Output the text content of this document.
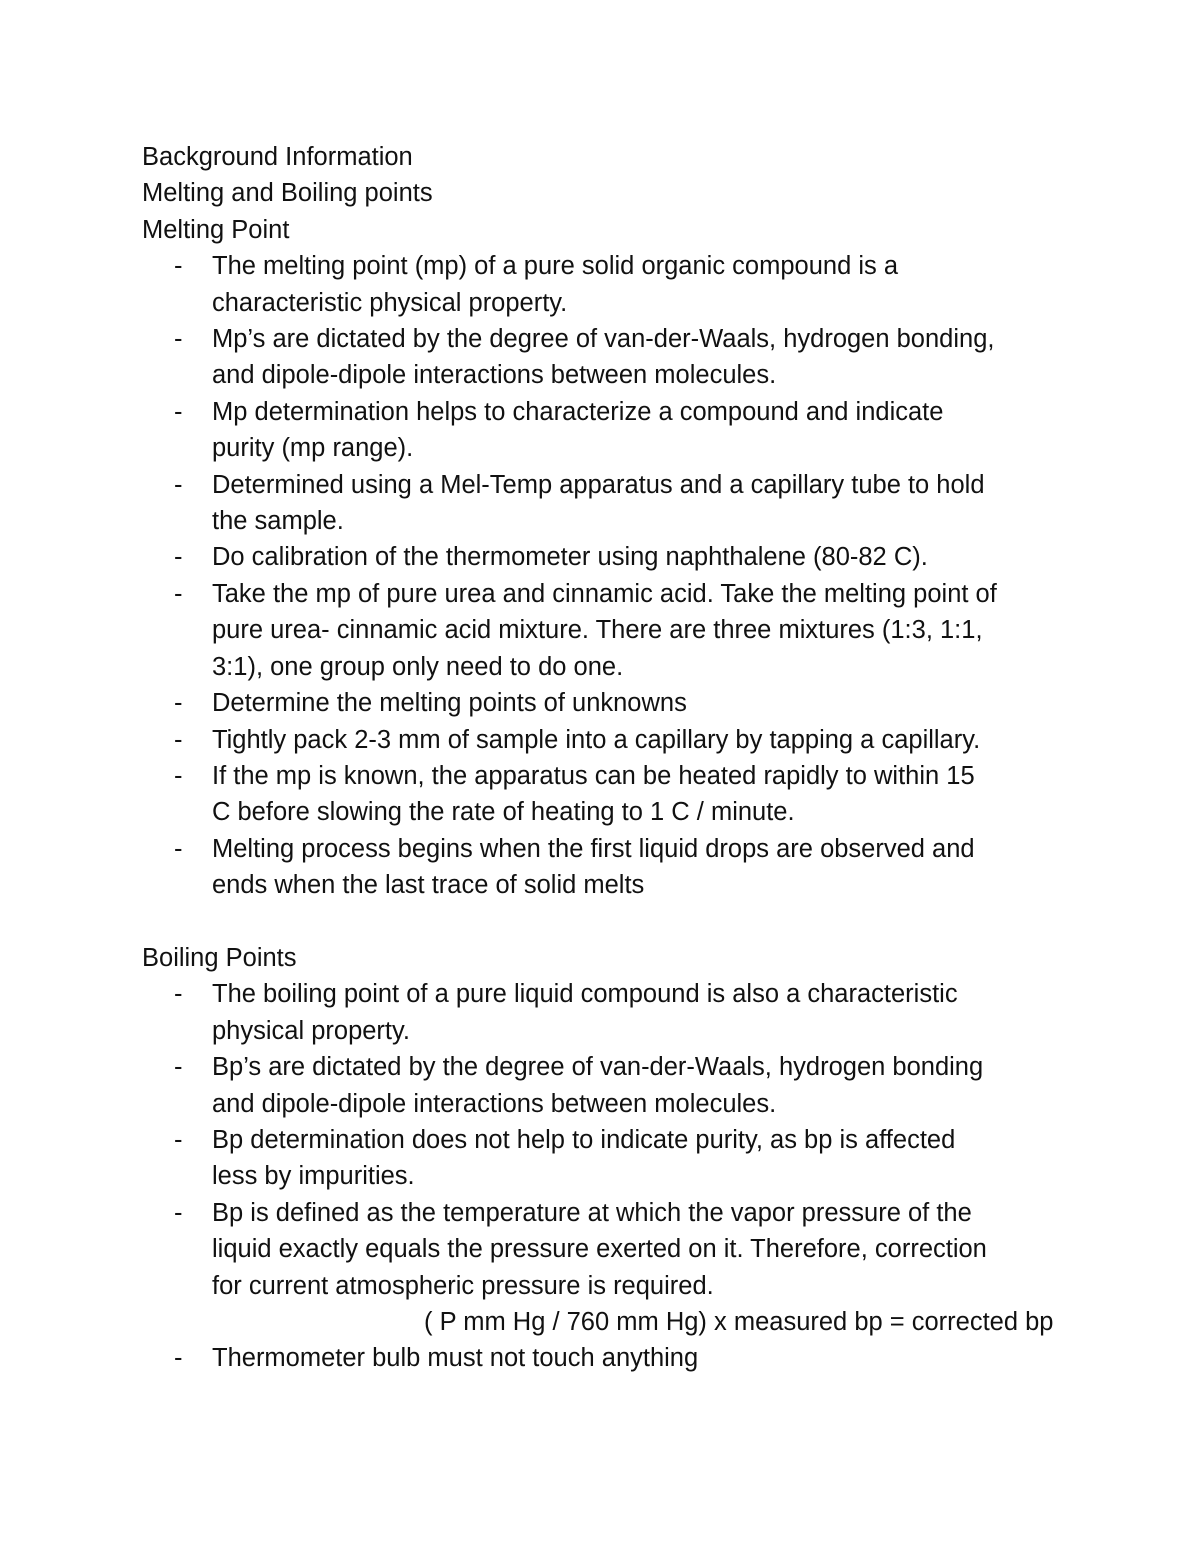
Background Information

Melting and Boiling points

Melting Point

- The melting point (mp) of a pure solid organic compound is a
characteristic physical property.
- Mp’s are dictated by the degree of van-der-Waals, hydrogen bonding,
and dipole-dipole interactions between molecules.
- Mp determination helps to characterize a compound and indicate
purity (mp range).
- Determined using a Mel-Temp apparatus and a capillary tube to hold
the sample.
- Do calibration of the thermometer using naphthalene (80-82 C).
- Take the mp of pure urea and cinnamic acid. Take the melting point of
pure urea- cinnamic acid mixture. There are three mixtures (1:3, 1:1,
3:1), one group only need to do one.
- Determine the melting points of unknowns
- Tightly pack 2-3 mm of sample into a capillary by tapping a capillary.
- If the mp is known, the apparatus can be heated rapidly to within 15
C before slowing the rate of heating to 1 C / minute.
- Melting process begins when the first liquid drops are observed and
ends when the last trace of solid melts

Boiling Points

- The boiling point of a pure liquid compound is also a characteristic
physical property.
- Bp’s are dictated by the degree of van-der-Waals, hydrogen bonding
and dipole-dipole interactions between molecules.
- Bp determination does not help to indicate purity, as bp is affected
less by impurities.
- Bp is defined as the temperature at which the vapor pressure of the
liquid exactly equals the pressure exerted on it. Therefore, correction
for current atmospheric pressure is required.
( P mm Hg / 760 mm Hg) x measured bp = corrected bp
- Thermometer bulb must not touch anything
